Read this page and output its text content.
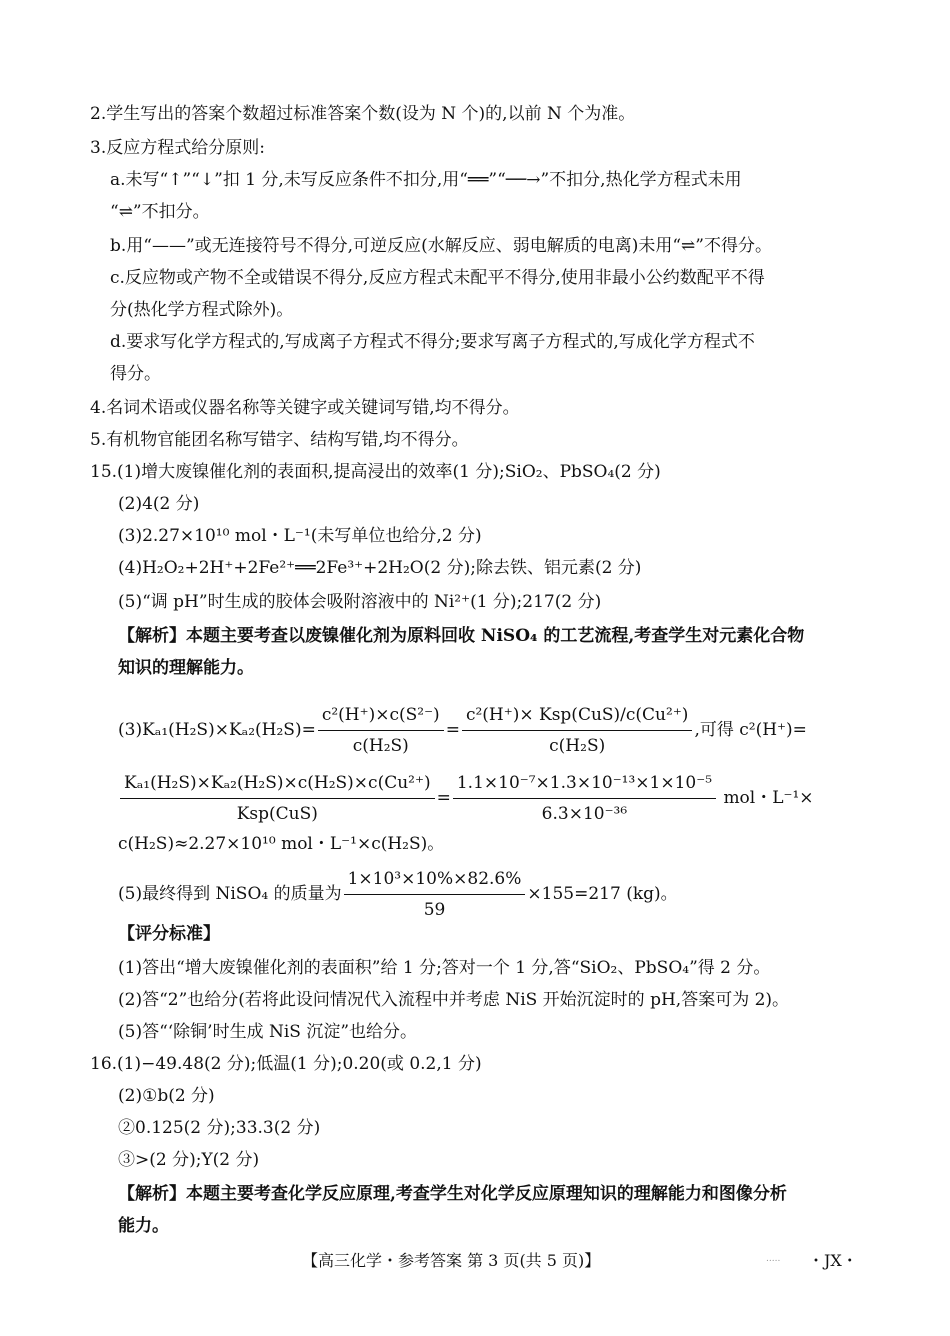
2.学生写出的答案个数超过标准答案个数(设为 N 个)的,以前 N 个为准。
3.反应方程式给分原则:
a.未写“↑”“↓”扣 1 分,未写反应条件不扣分,用“══”“──→”不扣分,热化学方程式未用
“⇌”不扣分。
b.用“——”或无连接符号不得分,可逆反应(水解反应、弱电解质的电离)未用“⇌”不得分。
c.反应物或产物不全或错误不得分,反应方程式未配平不得分,使用非最小公约数配平不得
分(热化学方程式除外)。
d.要求写化学方程式的,写成离子方程式不得分;要求写离子方程式的,写成化学方程式不
得分。
4.名词术语或仪器名称等关键字或关键词写错,均不得分。
5.有机物官能团名称写错字、结构写错,均不得分。
15.(1)增大废镍催化剂的表面积,提高浸出的效率(1 分);SiO₂、PbSO₄(2 分)
(2)4(2 分)
(3)2.27×10¹⁰ mol・L⁻¹(未写单位也给分,2 分)
(4)H₂O₂+2H⁺+2Fe²⁺══2Fe³⁺+2H₂O(2 分);除去铁、铝元素(2 分)
(5)“调 pH”时生成的胶体会吸附溶液中的 Ni²⁺(1 分);217(2 分)
【解析】本题主要考查以废镍催化剂为原料回收 NiSO₄ 的工艺流程,考查学生对元素化合物
知识的理解能力。
$(3)K_{a1}(H_2S)\times K_{a2}(H_2S)= \frac{\text{c²(H⁺)×c(S²⁻)}}{\text{c(H₂S)}} = \frac{\text{c²(H⁺)× Ksp(CuS)/c(Cu²⁺)}}{\text{c(H₂S)}}$ ,可得 c²(H⁺)=
$\frac{\text{Kₐ₁(H₂S)×Kₐ₂(H₂S)×c(H₂S)×c(Cu²⁺)}}{\text{Ksp(CuS)}} = \frac{\text{1.1×10⁻⁷×1.3×10⁻¹³×1×10⁻⁵}}{\text{6.3×10⁻³⁶}}$ mol・L⁻¹×
c(H₂S)≈2.27×10¹⁰ mol・L⁻¹×c(H₂S)。
(5)最终得到 NiSO₄ 的质量为 $\frac{\text{1×10³×10\%×82.6\%}}{59} \times 155=217$ (kg)。
【评分标准】
(1)答出“增大废镍催化剂的表面积”给 1 分;答对一个 1 分,答“SiO₂、PbSO₄”得 2 分。
(2)答“2”也给分(若将此设问情况代入流程中并考虑 NiS 开始沉淀时的 pH,答案可为 2)。
(5)答“‘除铜’时生成 NiS 沉淀”也给分。
16.(1)−49.48(2 分);低温(1 分);0.20(或 0.2,1 分)
(2)①b(2 分)
②0.125(2 分);33.3(2 分)
③>(2 分);Y(2 分)
【解析】本题主要考查化学反应原理,考查学生对化学反应原理知识的理解能力和图像分析
能力。
【高三化学・参考答案 第 3 页(共 5 页)】	..... ・JX・
